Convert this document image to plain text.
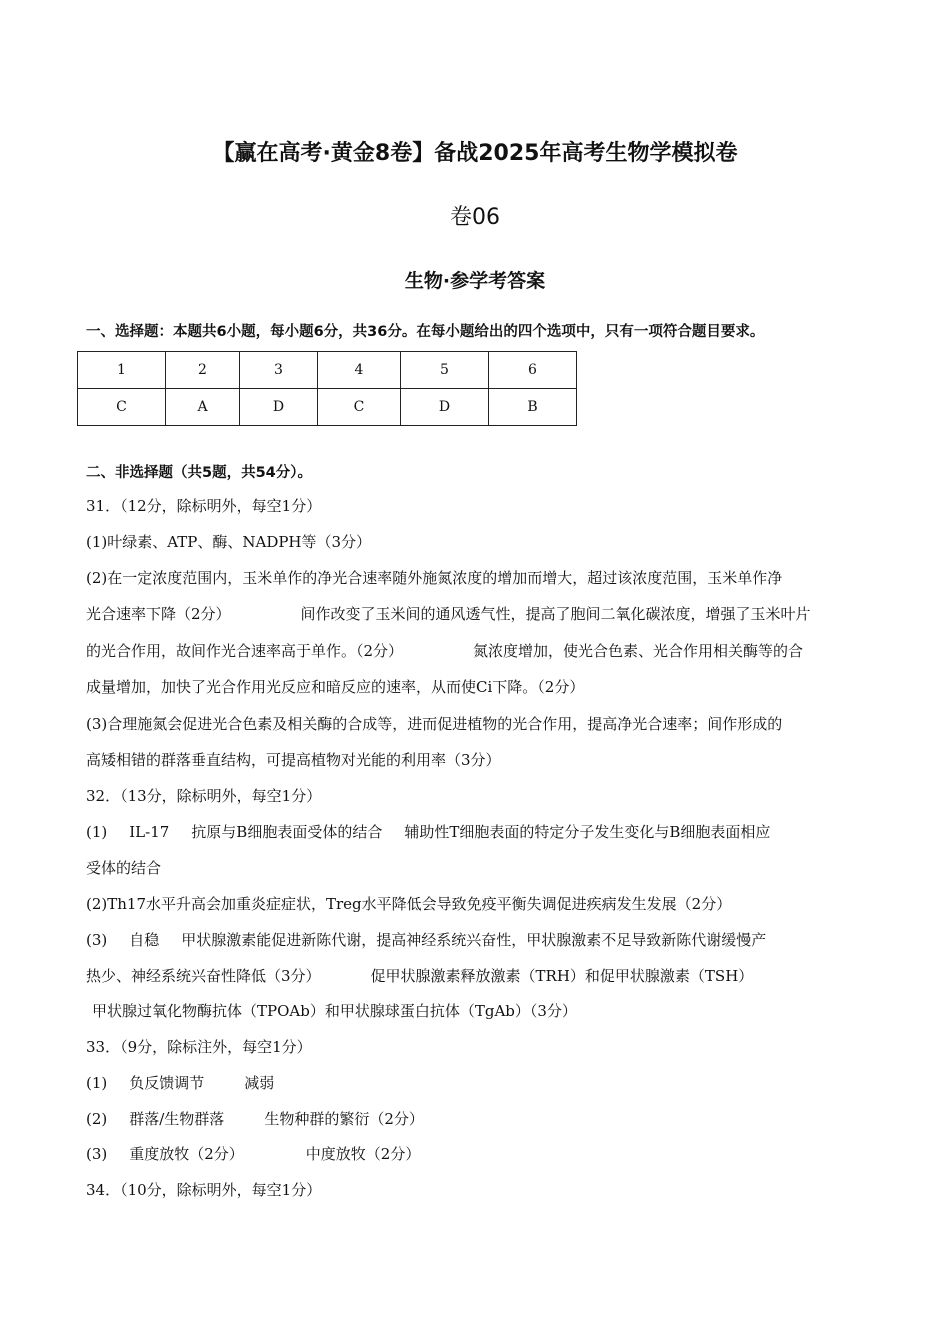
【赢在高考·黄金8卷】备战2025年高考生物学模拟卷
卷06
生物·参学考答案
一、选择题：本题共6小题，每小题6分，共36分。在每小题给出的四个选项中，只有一项符合题目要求。
1	2	3	4	5	6
C	A	D	C	D	B
二、非选择题（共5题，共54分）。
31．（12分，除标明外，每空1分）
(1)叶绿素、ATP、酶、NADPH等（3分）
(2)在一定浓度范围内，玉米单作的净光合速率随外施氮浓度的增加而增大，超过该浓度范围，玉米单作净
光合速率下降（2分）	间作改变了玉米间的通风透气性，提高了胞间二氧化碳浓度，增强了玉米叶片
的光合作用，故间作光合速率高于单作。（2分）	氮浓度增加，使光合色素、光合作用相关酶等的合
成量增加，加快了光合作用光反应和暗反应的速率，从而使Ci下降。（2分）
(3)合理施氮会促进光合色素及相关酶的合成等，进而促进植物的光合作用，提高净光合速率；间作形成的
高矮相错的群落垂直结构，可提高植物对光能的利用率（3分）
32．（13分，除标明外，每空1分）
(1) IL-17 抗原与B细胞表面受体的结合 辅助性T细胞表面的特定分子发生变化与B细胞表面相应
受体的结合
(2)Th17水平升高会加重炎症症状，Treg水平降低会导致免疫平衡失调促进疾病发生发展（2分）
(3) 自稳 甲状腺激素能促进新陈代谢，提高神经系统兴奋性，甲状腺激素不足导致新陈代谢缓慢产
热少、神经系统兴奋性降低（3分）	促甲状腺激素释放激素（TRH）和促甲状腺激素（TSH）
甲状腺过氧化物酶抗体（TPOAb）和甲状腺球蛋白抗体（TgAb）（3分）
33．（9分，除标注外，每空1分）
(1) 负反馈调节	减弱
(2) 群落/生物群落	生物种群的繁衍（2分）
(3) 重度放牧（2分）	中度放牧（2分）
34．（10分，除标明外，每空1分）
